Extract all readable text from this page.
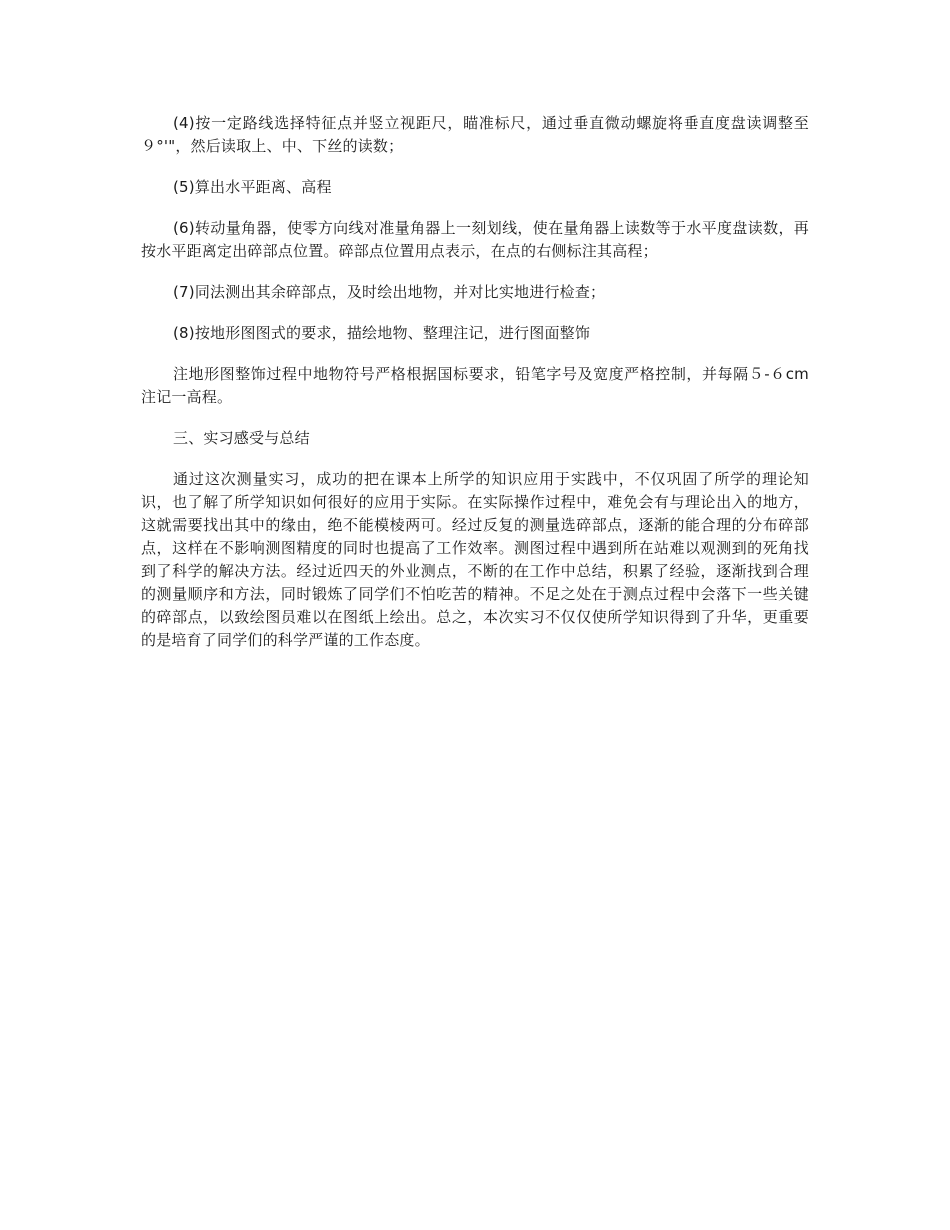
(4)按一定路线选择特征点并竖立视距尺，瞄准标尺，通过垂直微动螺旋将垂直度盘读调整至９°'"，然后读取上、中、下丝的读数；

(5)算出水平距离、高程

(6)转动量角器，使零方向线对准量角器上一刻划线，使在量角器上读数等于水平度盘读数，再按水平距离定出碎部点位置。碎部点位置用点表示，在点的右侧标注其高程；

(7)同法测出其余碎部点，及时绘出地物，并对比实地进行检查；

(8)按地形图图式的要求，描绘地物、整理注记，进行图面整饰

注地形图整饰过程中地物符号严格根据国标要求，铅笔字号及宽度严格控制，并每隔５-６cm注记一高程。

三、实习感受与总结

通过这次测量实习，成功的把在课本上所学的知识应用于实践中，不仅巩固了所学的理论知识，也了解了所学知识如何很好的应用于实际。在实际操作过程中，难免会有与理论出入的地方，这就需要找出其中的缘由，绝不能模棱两可。经过反复的测量选碎部点，逐渐的能合理的分布碎部点，这样在不影响测图精度的同时也提高了工作效率。测图过程中遇到所在站难以观测到的死角找到了科学的解决方法。经过近四天的外业测点，不断的在工作中总结，积累了经验，逐渐找到合理的测量顺序和方法，同时锻炼了同学们不怕吃苦的精神。不足之处在于测点过程中会落下一些关键的碎部点，以致绘图员难以在图纸上绘出。总之，本次实习不仅仅使所学知识得到了升华，更重要的是培育了同学们的科学严谨的工作态度。
